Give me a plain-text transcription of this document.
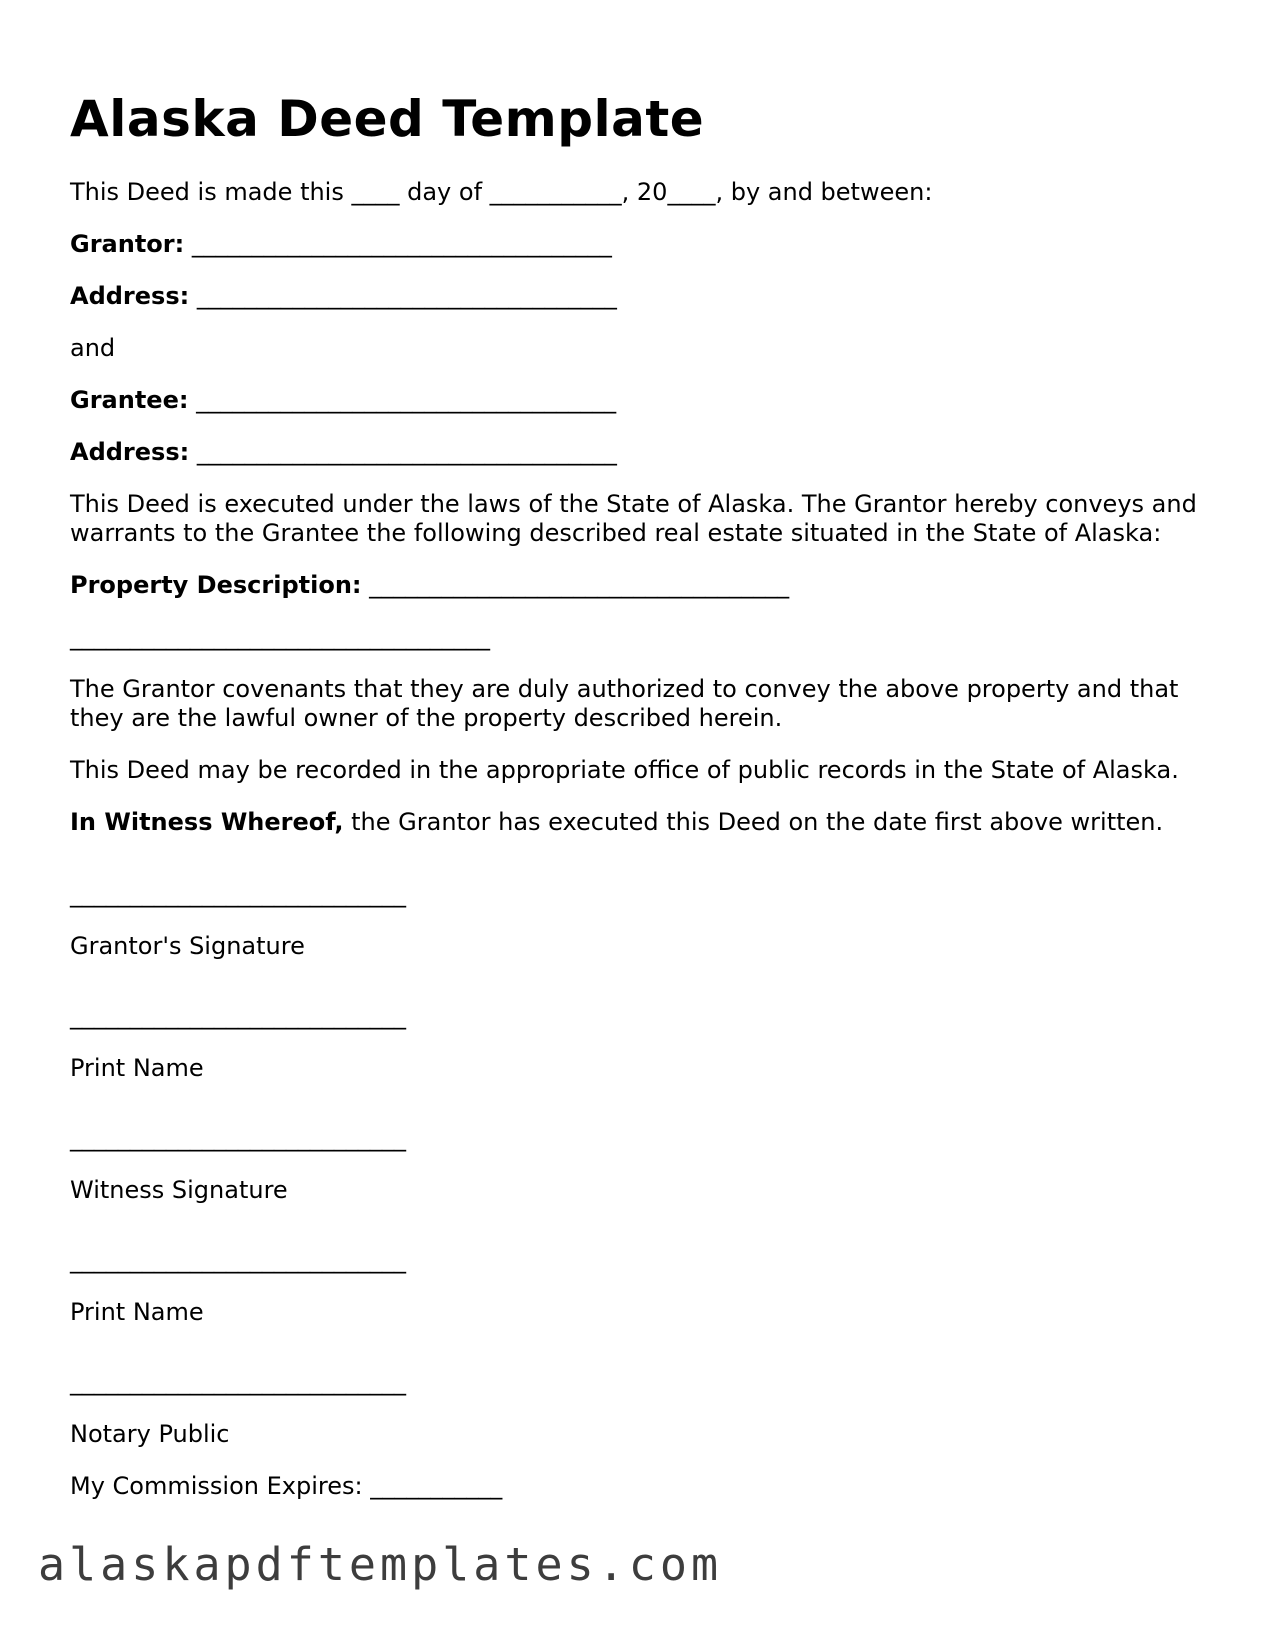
Alaska Deed Template

This Deed is made this ____ day of ___________, 20____, by and between:

Grantor: ___________________________________

Address: ___________________________________

and

Grantee: ___________________________________

Address: ___________________________________

This Deed is executed under the laws of the State of Alaska. The Grantor hereby conveys and warrants to the Grantee the following described real estate situated in the State of Alaska:

Property Description: ___________________________________

___________________________________

The Grantor covenants that they are duly authorized to convey the above property and that they are the lawful owner of the property described herein.

This Deed may be recorded in the appropriate office of public records in the State of Alaska.

In Witness Whereof, the Grantor has executed this Deed on the date first above written.

____________________________

Grantor's Signature

____________________________

Print Name

____________________________

Witness Signature

____________________________

Print Name

____________________________

Notary Public

My Commission Expires: ___________

alaskapdftemplates.com
